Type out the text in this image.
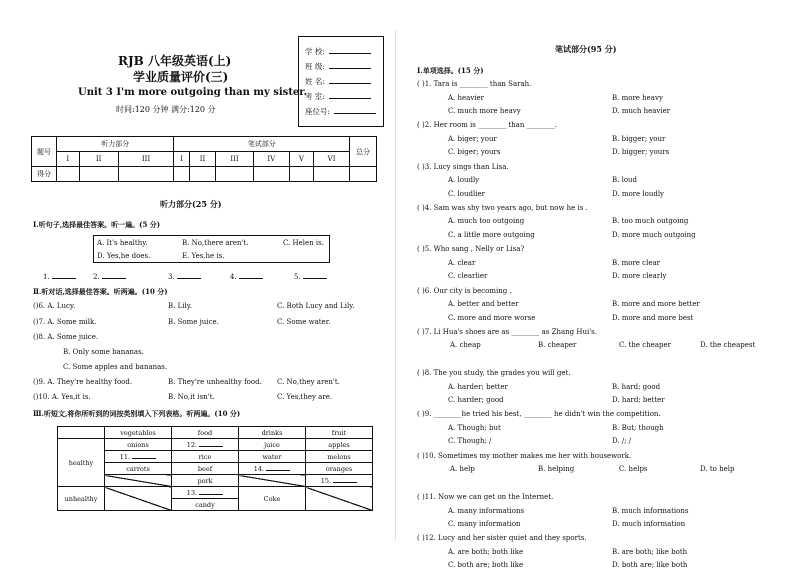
RJB 八年级英语(上)
学业质量评价(三)
Unit 3 I'm more outgoing than my sister.
时间:120 分钟 满分:120 分
学 校:
班 级:
姓 名:
考 室:
座位号:
题号	听力部分			笔试部分						总分
	I	II	III	I	II	III	IV	V	VI	
得分										
听力部分(25 分)
Ⅰ.听句子,选择最佳答案。听一遍。(5 分)
A. It's healthy.	B. No,there aren't.	C. Helen is.
D. Yes,he does.	E. Yes,he is.
1.	2.	3.	4.	5.
Ⅱ.听对话,选择最佳答案。听两遍。(10 分)
()6. A. Lucy.	B. Lily.	C. Both Lucy and Lily.
()7. A. Some milk.	B. Some juice.	C. Some water.
()8. A. Some juice.
B. Only some bananas.
C. Some apples and bananas.
()9. A. They're healthy food.	B. They're unhealthy food. C. No,they aren't.
()10. A. Yes,it is.	B. No,it isn't.	C. Yes,they are.
Ⅲ.听短文,将你所听到的词按类别填入下列表格。听两遍。(10 分)
	vegetables	food	drinks	fruit
healthy	onions	12.	juice	apples
	11.	rice	water	melons
	carrots	beef	14.	oranges
		pork		15.
unhealthy		13.	Coke	
		candy		
笔试部分(95 分)
Ⅰ.单项选择。(15 分)
( )1. Tara is ________ than Sarah.
A. heavier	B. more heavy
C. much more heavy	D. much heavier
( )2. Her room is ________ than ________.
A. biger; your	B. bigger; your
C. biger; yours	D. bigger; yours
( )3. Lucy sings than Lisa.
A. loudly	B. loud
C. loudlier	D. more loudly
( )4. Sam was shy two years ago, but now he is .
A. much too outgoing	B. too much outgoing
C. a little more outgoing	D. more much outgoing
( )5. Who sang , Nelly or Lisa?
A. clear	B. more clear
C. clearlier	D. more clearly
( )6. Our city is becoming .
A. better and better	B. more and more better
C. more and more worse	D. more and more best
( )7. Li Hua's shoes are as ________ as Zhang Hui's.
A. cheap	B. cheaper	C. the cheaper	D. the cheapest
( )8. The you study, the grades you will get.
A. harder; better	B. hard; good
C. harder; good	D. hard; better
( )9. ________he tried his best, ________ he didn't win the competition.
A. Though; but	B. But; though
C. Though; /	D. /; /
( )10. Sometimes my mother makes me her with housework.
A. help	B. helping	C. helps	D. to help
( )11. Now we can get on the Internet.
A. many informations	B. much informations
C. many information	D. much information
( )12. Lucy and her sister quiet and they sports.
A. are both; both like	B. are both; like both
C. both are; both like	D. both are; like both
